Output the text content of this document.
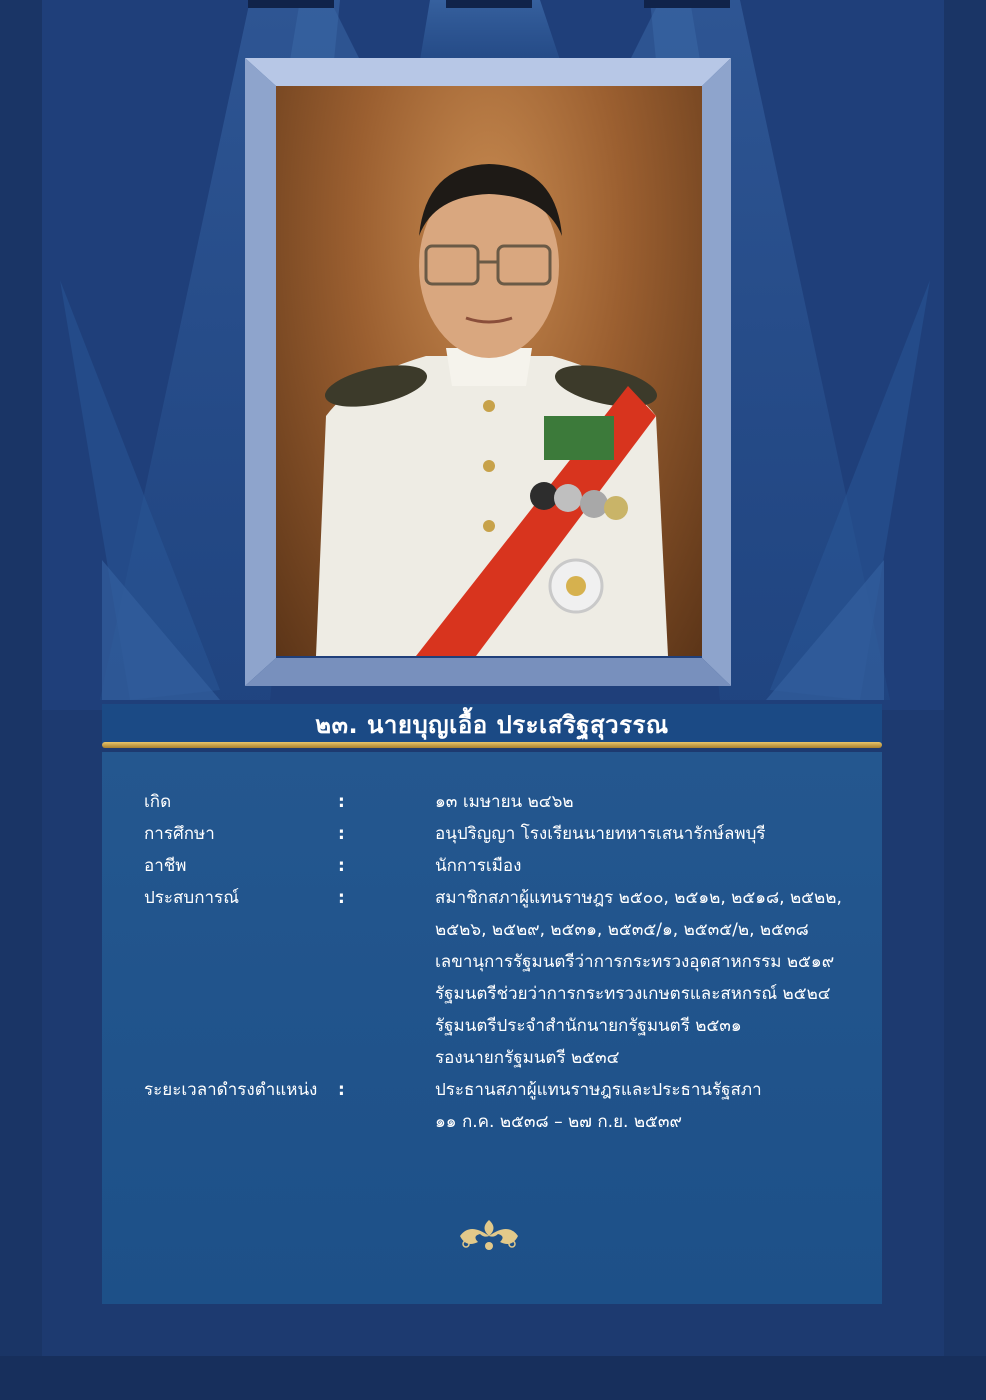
๒๓. นายบุญเอื้อ ประเสริฐสุวรรณ
เกิด	:	๑๓ เมษายน ๒๔๖๒
การศึกษา	:	อนุปริญญา โรงเรียนนายทหารเสนารักษ์ลพบุรี
อาชีพ	:	นักการเมือง
ประสบการณ์	:	สมาชิกสภาผู้แทนราษฎร ๒๕๐๐, ๒๕๑๒, ๒๕๑๘, ๒๕๒๒,
๒๕๒๖, ๒๕๒๙, ๒๕๓๑, ๒๕๓๕/๑, ๒๕๓๕/๒, ๒๕๓๘
เลขานุการรัฐมนตรีว่าการกระทรวงอุตสาหกรรม ๒๕๑๙
รัฐมนตรีช่วยว่าการกระทรวงเกษตรและสหกรณ์ ๒๕๒๔
รัฐมนตรีประจำสำนักนายกรัฐมนตรี ๒๕๓๑
รองนายกรัฐมนตรี ๒๕๓๔
ระยะเวลาดำรงตำแหน่ง :	ประธานสภาผู้แทนราษฎรและประธานรัฐสภา
๑๑ ก.ค. ๒๕๓๘ – ๒๗ ก.ย. ๒๕๓๙
